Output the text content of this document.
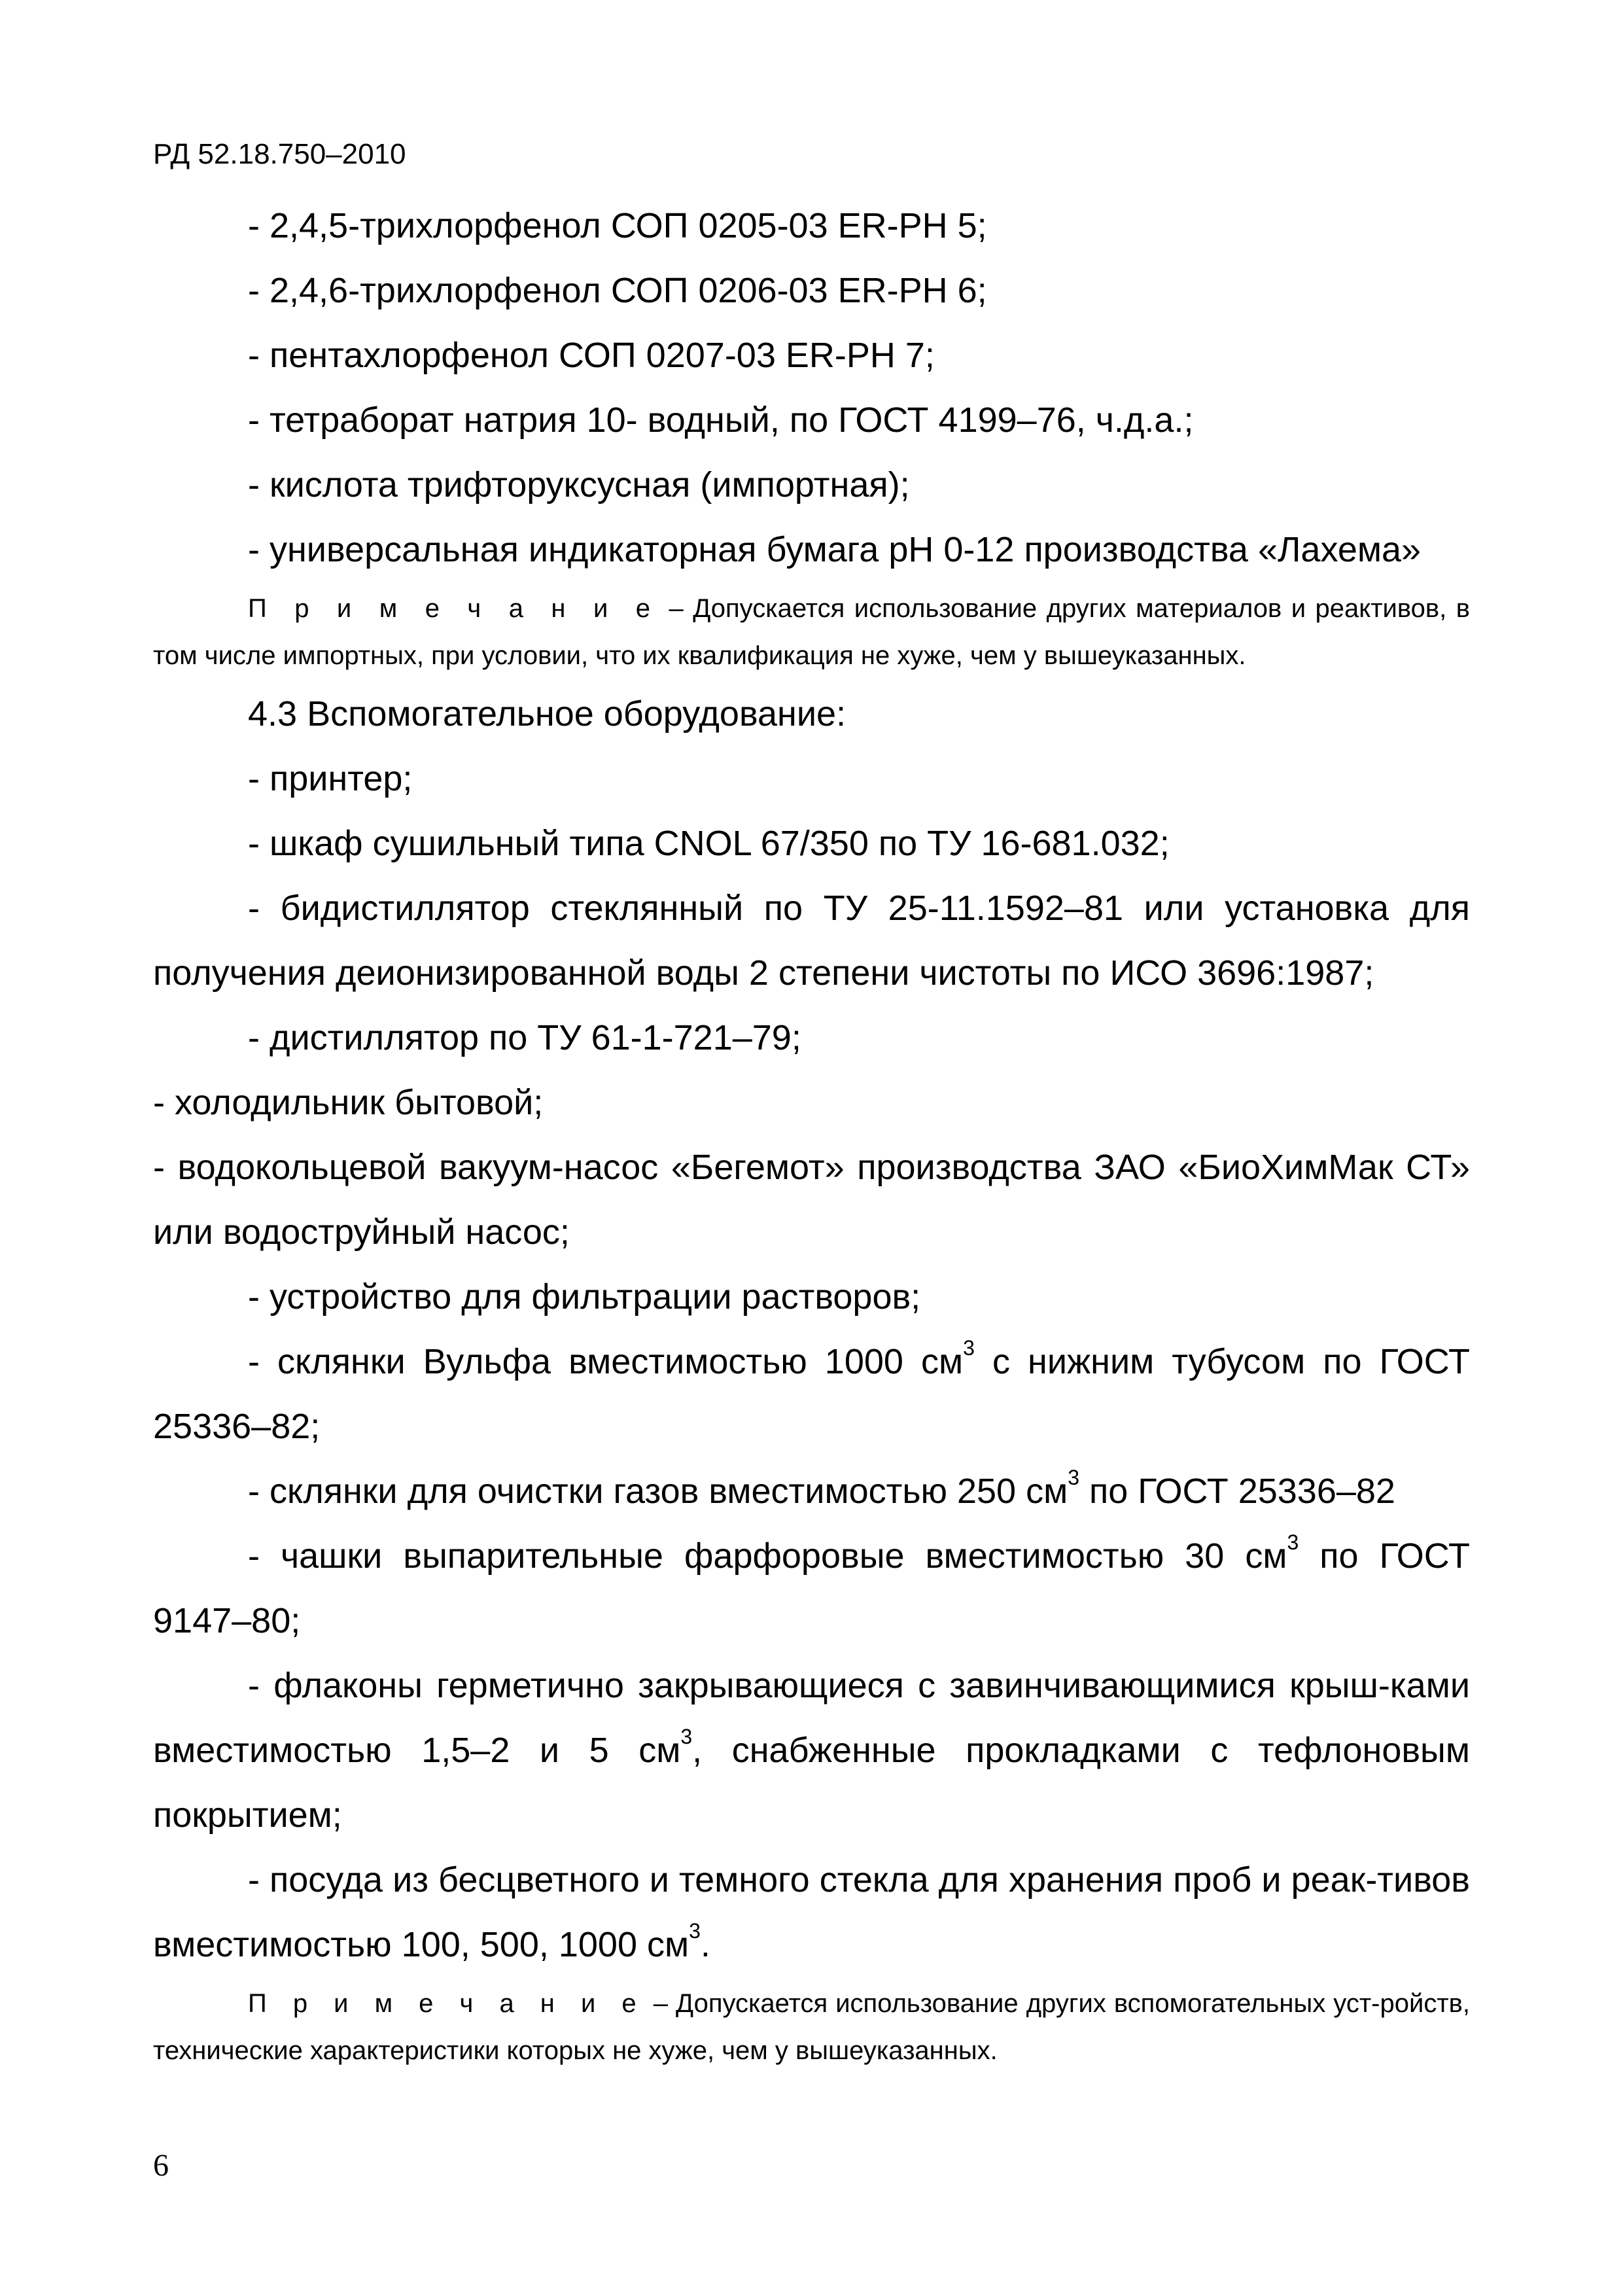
РД 52.18.750–2010

- 2,4,5-трихлорфенол СОП 0205-03 ER-PH 5;

- 2,4,6-трихлорфенол СОП 0206-03 ER-PH 6;

- пентахлорфенол СОП 0207-03 ER-PH 7;

- тетраборат натрия 10- водный, по ГОСТ 4199–76, ч.д.а.;

- кислота трифторуксусная (импортная);

- универсальная индикаторная бумага pH 0-12 производства «Лахема»

П р и м е ч а н и е – Допускается использование других материалов и реактивов, в том числе импортных, при условии, что их квалификация не хуже, чем у вышеуказанных.

4.3 Вспомогательное оборудование:

- принтер;

- шкаф сушильный типа CNOL 67/350 по ТУ 16-681.032;

- бидистиллятор стеклянный по ТУ 25-11.1592–81 или установка для получения деионизированной воды 2 степени чистоты по ИСО 3696:1987;

- дистиллятор по ТУ 61-1-721–79;

- холодильник бытовой;

- водокольцевой вакуум-насос «Бегемот» производства ЗАО «БиоХимМак СТ» или водоструйный насос;

- устройство для фильтрации растворов;

- склянки Вульфа вместимостью 1000 $см^3$ с нижним тубусом по ГОСТ 25336–82;

- склянки для очистки газов вместимостью 250 $см^3$ по ГОСТ 25336–82

- чашки выпарительные фарфоровые вместимостью 30 $см^3$ по ГОСТ 9147–80;

- флаконы герметично закрывающиеся с завинчивающимися крыш-ками вместимостью 1,5–2 и 5 $см^3$, снабженные прокладками с тефлоновым покрытием;

- посуда из бесцветного и темного стекла для хранения проб и реак-тивов вместимостью 100, 500, 1000 $см^3$.

П р и м е ч а н и е – Допускается использование других вспомогательных уст-ройств, технические характеристики которых не хуже, чем у вышеуказанных.

6
